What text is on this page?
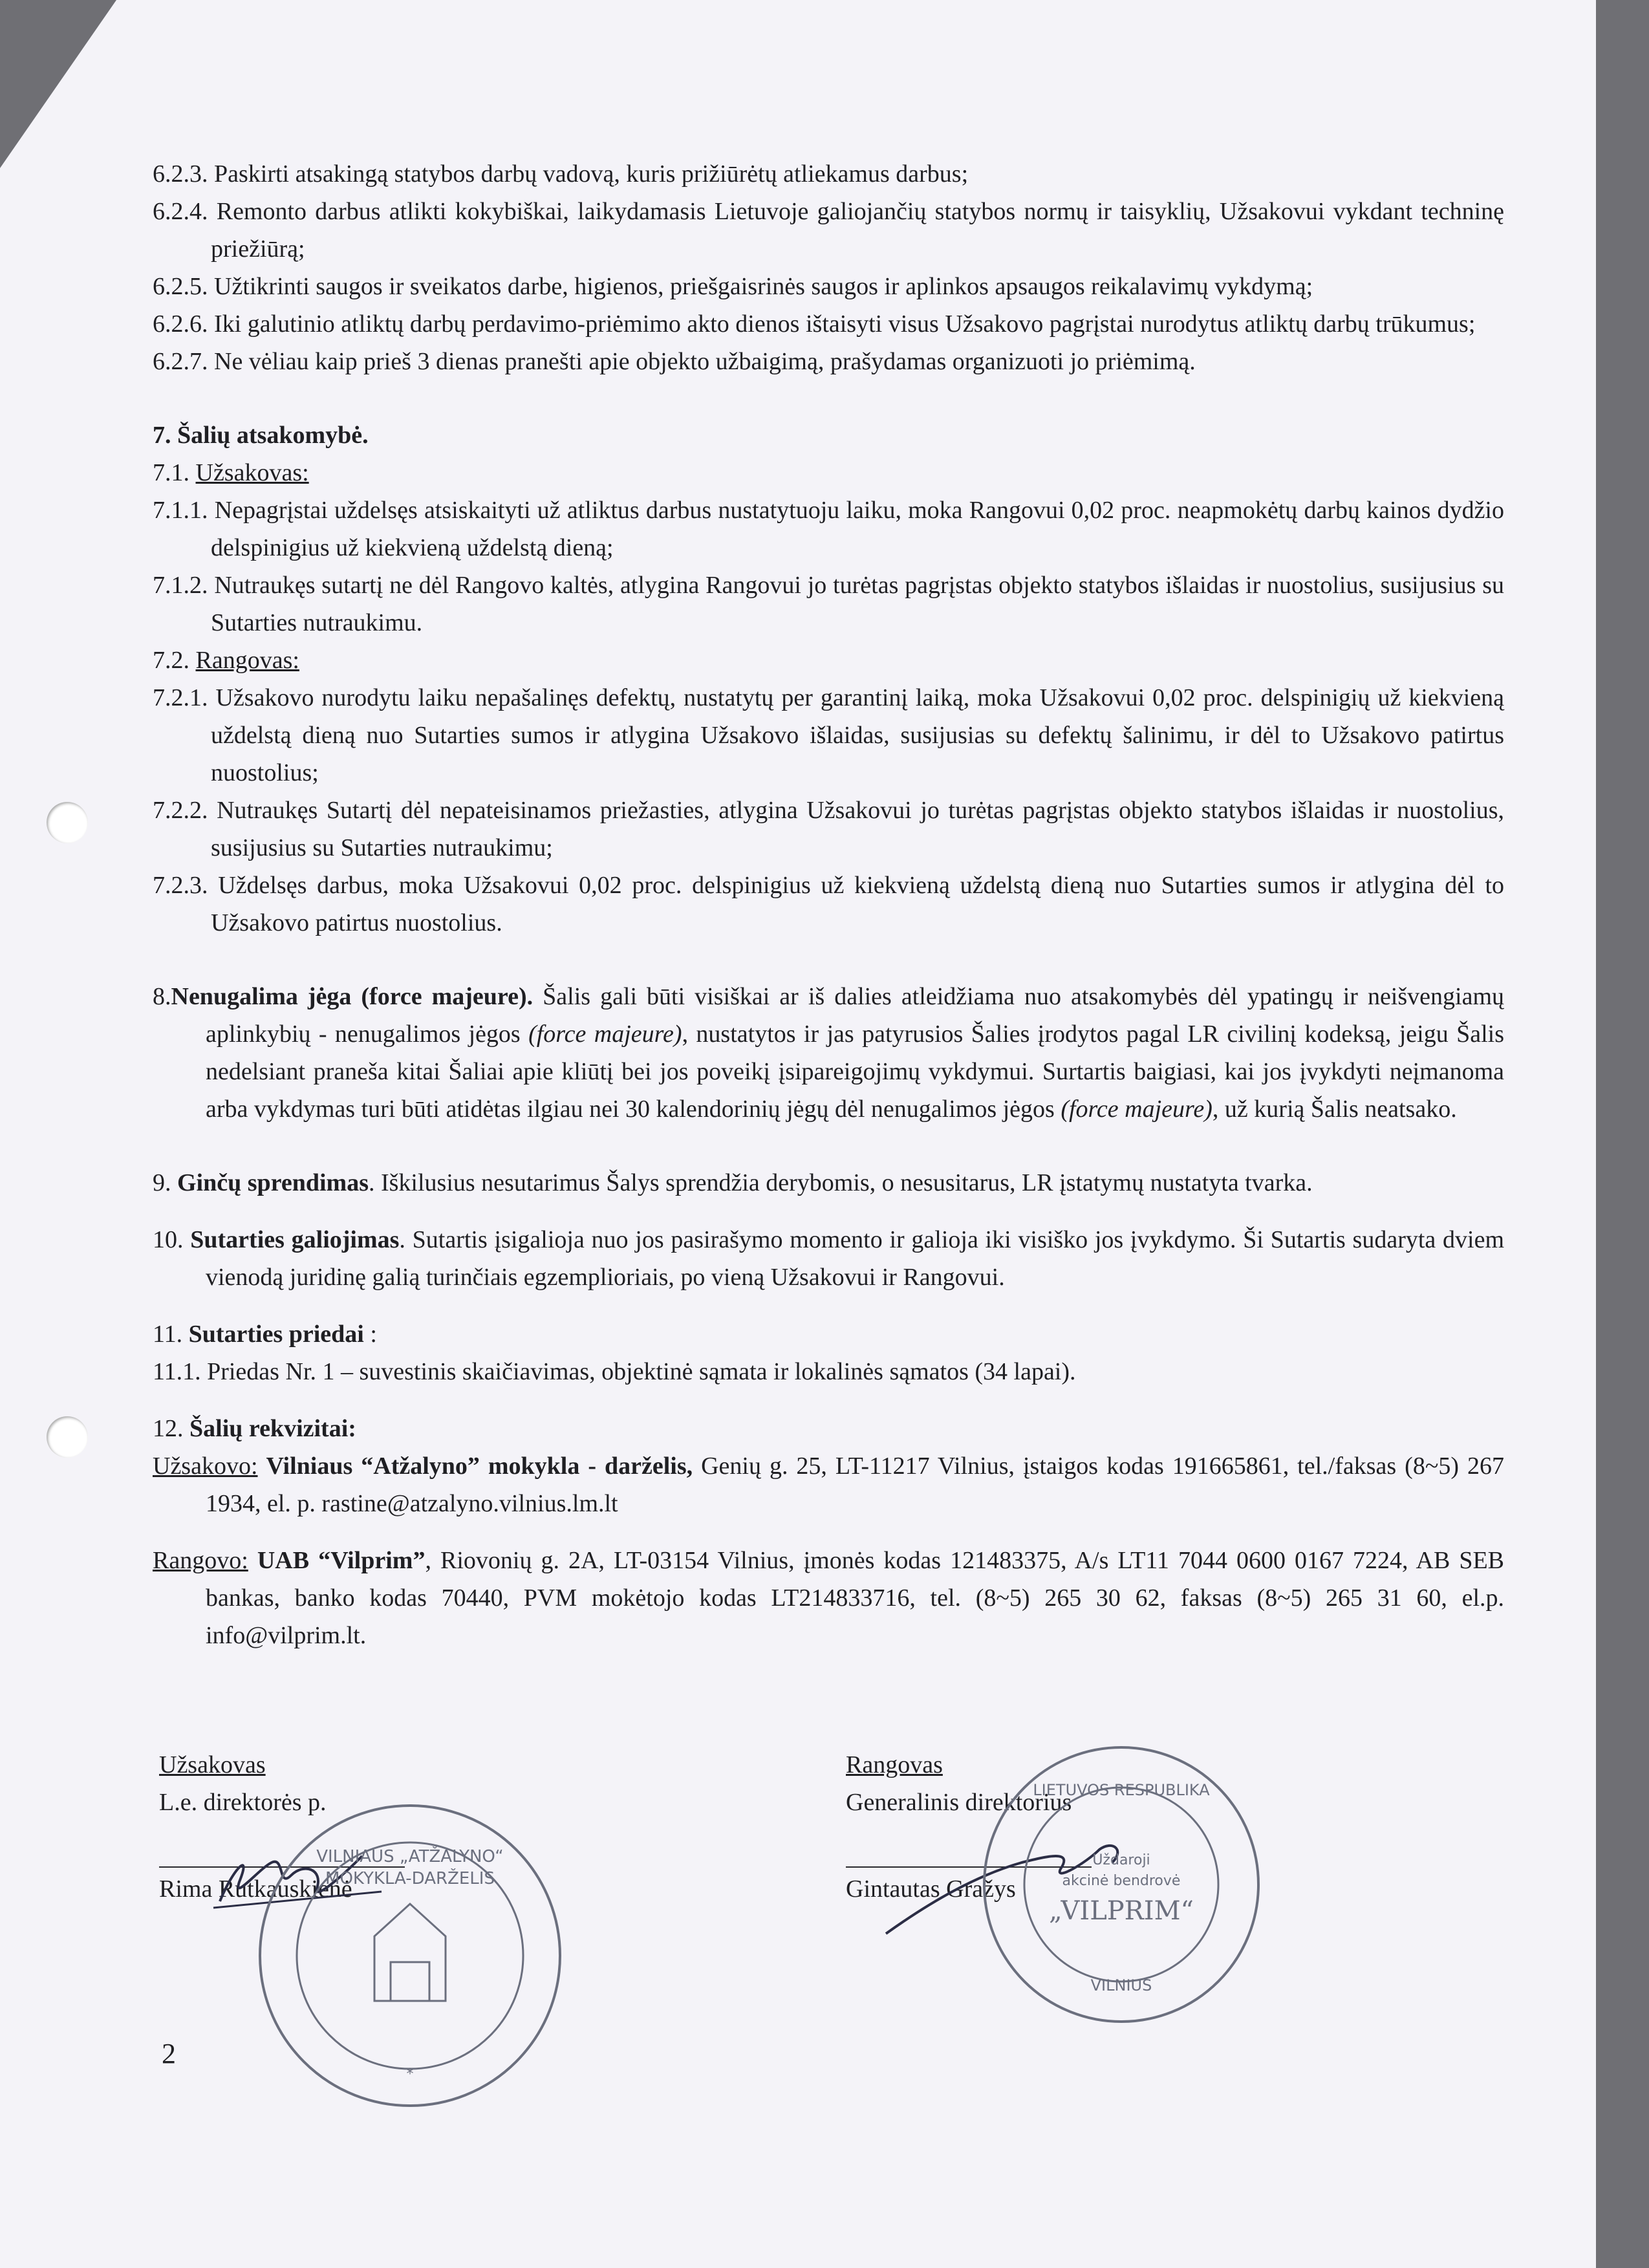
6.2.3. Paskirti atsakingą statybos darbų vadovą, kuris prižiūrėtų atliekamus darbus;

6.2.4. Remonto darbus atlikti kokybiškai, laikydamasis Lietuvoje galiojančių statybos normų ir taisyklių, Užsakovui vykdant techninę priežiūrą;

6.2.5. Užtikrinti saugos ir sveikatos darbe, higienos, priešgaisrinės saugos ir aplinkos apsaugos reikalavimų vykdymą;

6.2.6. Iki galutinio atliktų darbų perdavimo-priėmimo akto dienos ištaisyti visus Užsakovo pagrįstai nurodytus atliktų darbų trūkumus;

6.2.7. Ne vėliau kaip prieš 3 dienas pranešti apie objekto užbaigimą, prašydamas organizuoti jo priėmimą.

7. Šalių atsakomybė.

7.1. Užsakovas:

7.1.1. Nepagrįstai uždelsęs atsiskaityti už atliktus darbus nustatytuoju laiku, moka Rangovui 0,02 proc. neapmokėtų darbų kainos dydžio delspinigius už kiekvieną uždelstą dieną;

7.1.2. Nutraukęs sutartį ne dėl Rangovo kaltės, atlygina Rangovui jo turėtas pagrįstas objekto statybos išlaidas ir nuostolius, susijusius su Sutarties nutraukimu.

7.2. Rangovas:

7.2.1. Užsakovo nurodytu laiku nepašalinęs defektų, nustatytų per garantinį laiką, moka Užsakovui 0,02 proc. delspinigių už kiekvieną uždelstą dieną nuo Sutarties sumos ir atlygina Užsakovo išlaidas, susijusias su defektų šalinimu, ir dėl to Užsakovo patirtus nuostolius;

7.2.2. Nutraukęs Sutartį dėl nepateisinamos priežasties, atlygina Užsakovui jo turėtas pagrįstas objekto statybos išlaidas ir nuostolius, susijusius su Sutarties nutraukimu;

7.2.3. Uždelsęs darbus, moka Užsakovui 0,02 proc. delspinigius už kiekvieną uždelstą dieną nuo Sutarties sumos ir atlygina dėl to Užsakovo patirtus nuostolius.

8.Nenugalima jėga (force majeure). Šalis gali būti visiškai ar iš dalies atleidžiama nuo atsakomybės dėl ypatingų ir neišvengiamų aplinkybių - nenugalimos jėgos (force majeure), nustatytos ir jas patyrusios Šalies įrodytos pagal LR civilinį kodeksą, jeigu Šalis nedelsiant praneša kitai Šaliai apie kliūtį bei jos poveikį įsipareigojimų vykdymui. Surtartis baigiasi, kai jos įvykdyti neįmanoma arba vykdymas turi būti atidėtas ilgiau nei 30 kalendorinių jėgų dėl nenugalimos jėgos (force majeure), už kurią Šalis neatsako.

9. Ginčų sprendimas. Iškilusius nesutarimus Šalys sprendžia derybomis, o nesusitarus, LR įstatymų nustatyta tvarka.

10. Sutarties galiojimas. Sutartis įsigalioja nuo jos pasirašymo momento ir galioja iki visiško jos įvykdymo. Ši Sutartis sudaryta dviem vienodą juridinę galią turinčiais egzemplioriais, po vieną Užsakovui ir Rangovui.

11. Sutarties priedai :

11.1. Priedas Nr. 1 – suvestinis skaičiavimas, objektinė sąmata ir lokalinės sąmatos (34 lapai).

12. Šalių rekvizitai:

Užsakovo: Vilniaus “Atžalyno” mokykla - darželis, Genių g. 25, LT-11217 Vilnius, įstaigos kodas 191665861, tel./faksas (8~5) 267 1934, el. p. rastine@atzalyno.vilnius.lm.lt

Rangovo: UAB “Vilprim”, Riovonių g. 2A, LT-03154 Vilnius, įmonės kodas 121483375, A/s LT11 7044 0600 0167 7224, AB SEB bankas, banko kodas 70440, PVM mokėtojo kodas LT214833716, tel. (8~5) 265 30 62, faksas (8~5) 265 31 60, el.p. info@vilprim.lt.

Užsakovas
L.e. direktorės p.
Rima Rutkauskienė
Rangovas
Generalinis direktorius
Gintautas Gražys
*
VILNIAUS „ATŽALYNO“ MOKYKLA-DARŽELIS
LIETUVOS RESPUBLIKA
Uždaroji
akcinė bendrovė
„VILPRIM“
VILNIUS
2
